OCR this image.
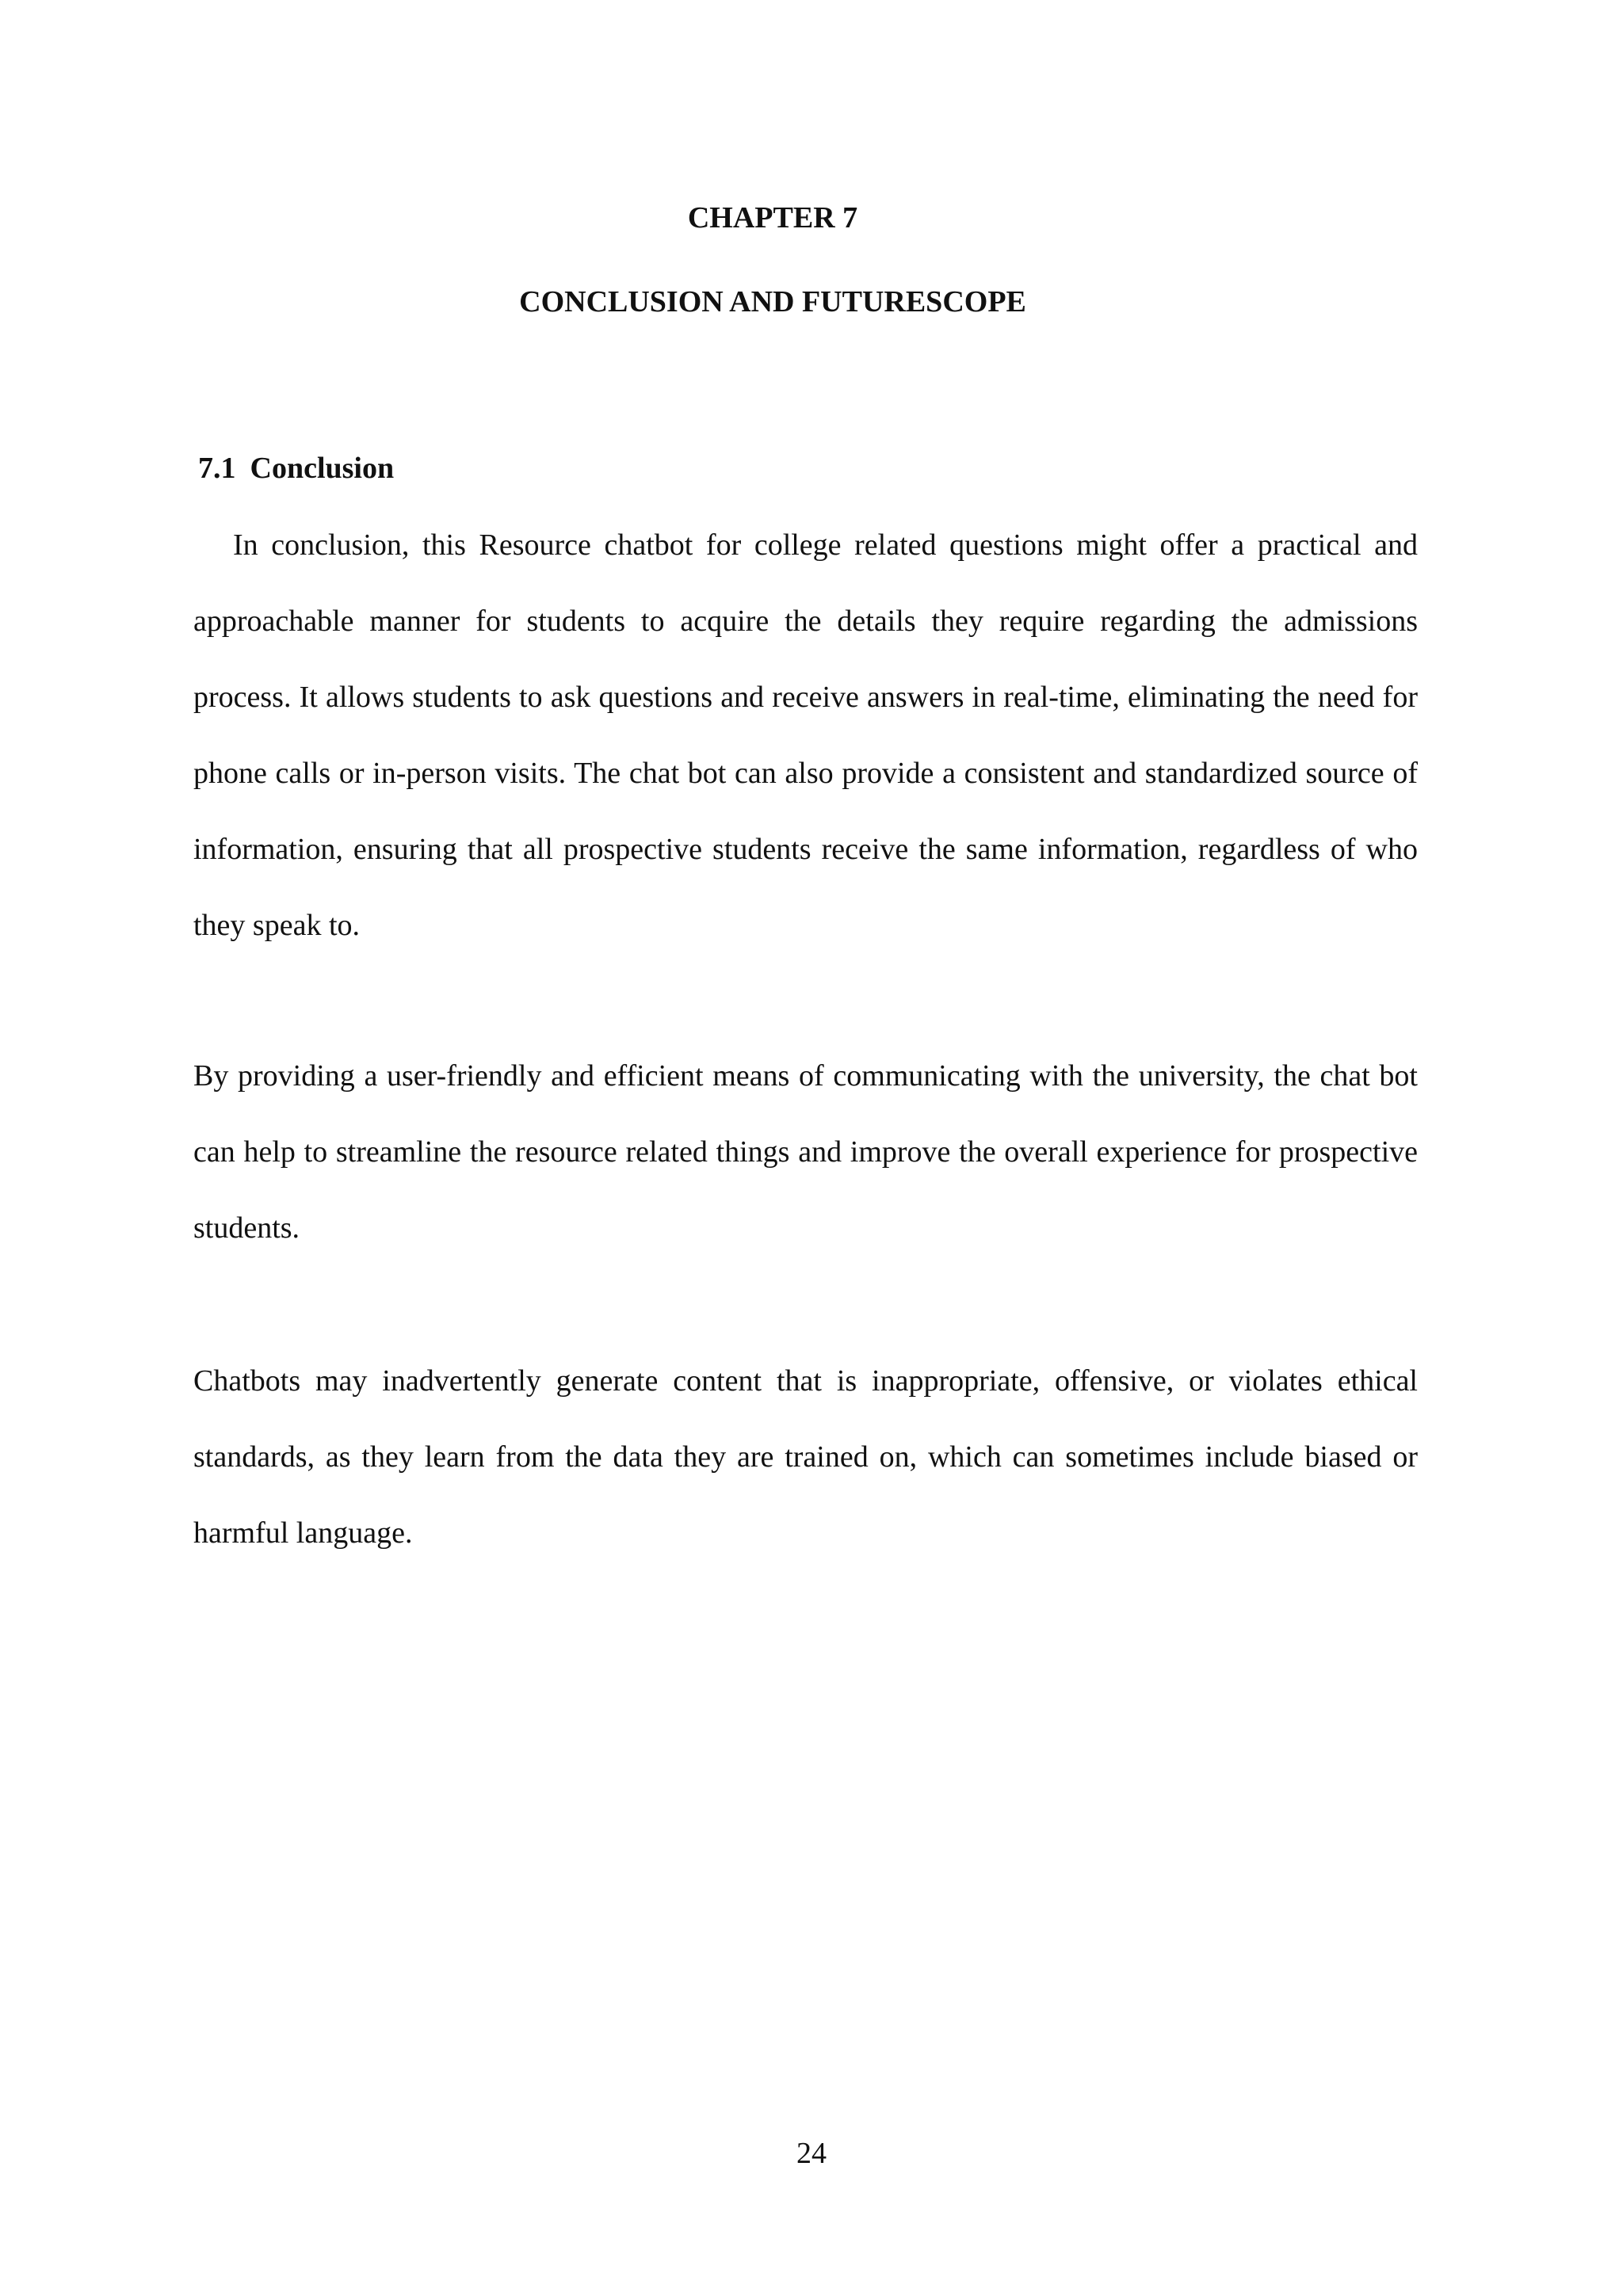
CHAPTER 7
CONCLUSION AND FUTURESCOPE
7.1 Conclusion

In conclusion, this Resource chatbot for college related questions might offer a practical and approachable manner for students to acquire the details they require regarding the admissions process. It allows students to ask questions and receive answers in real-time, eliminating the need for phone calls or in-person visits. The chat bot can also provide a consistent and standardized source of information, ensuring that all prospective students receive the same information, regardless of who they speak to.

By providing a user-friendly and efficient means of communicating with the university, the chat bot can help to streamline the resource related things and improve the overall experience for prospective students.

Chatbots may inadvertently generate content that is inappropriate, offensive, or violates ethical standards, as they learn from the data they are trained on, which can sometimes include biased or harmful language.

24
